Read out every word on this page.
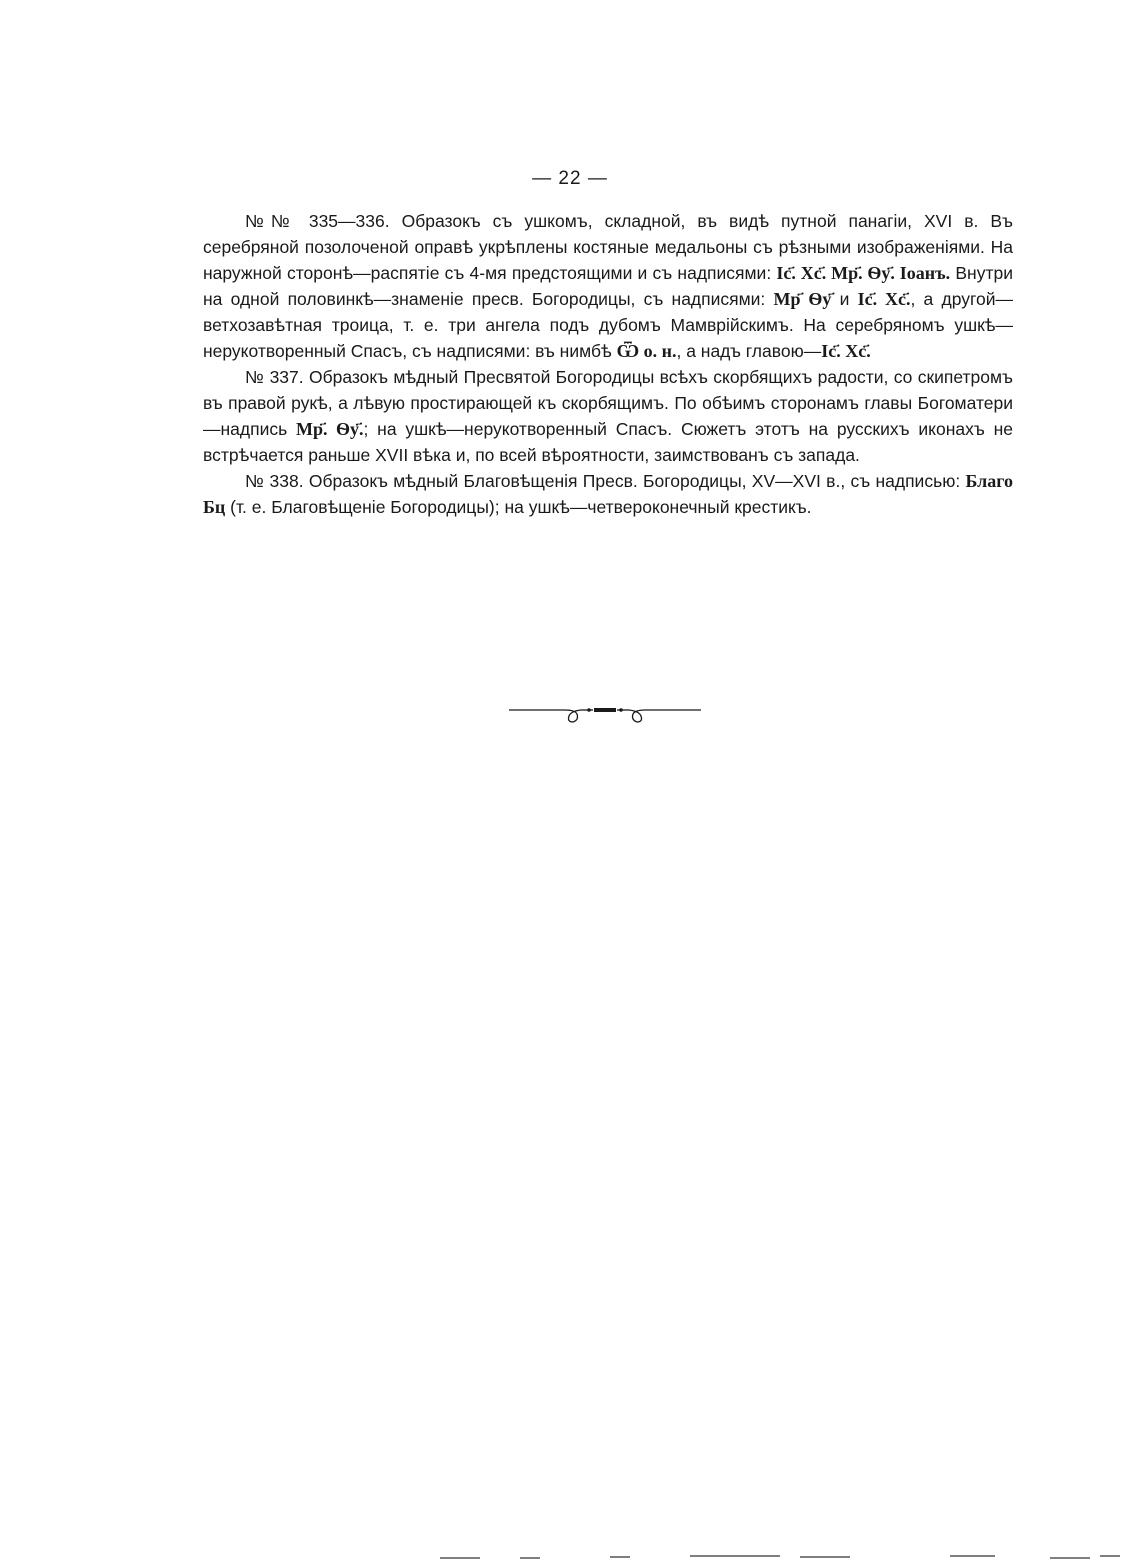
— 22 —

№№ 335—336. Образокъ съ ушкомъ, складной, въ видѣ путной панагіи, XVI в. Въ серебряной позолоченой оправѣ укрѣплены костяные медальоны съ рѣзными изображеніями. На наружной сторонѣ—распятіе съ 4-мя предстоящими и съ надписями: Іс҃. Хс҃. Мр҃. Ѳу҃. Іоанъ. Внутри на одной половинкѣ—знаменіе пресв. Богородицы, съ надписями: Мр҃ Ѳу҃ и Іс҃. Хс҃., а другой—ветхозавѣтная троица, т. е. три ангела подъ дубомъ Мамврійскимъ. На серебряномъ ушкѣ—нерукотворенный Спасъ, съ надписями: въ нимбѣ Ѿ о. н., а надъ главою—Іс҃. Хс҃.

№ 337. Образокъ мѣдный Пресвятой Богородицы всѣхъ скорбящихъ радости, со скипетромъ въ правой рукѣ, а лѣвую простирающей къ скорбящимъ. По обѣимъ сторонамъ главы Богоматери—надпись Мр҃. Ѳу҃.; на ушкѣ—нерукотворенный Спасъ. Сюжетъ этотъ на русскихъ иконахъ не встрѣчается раньше XVII вѣка и, по всей вѣроятности, заимствованъ съ запада.

№ 338. Образокъ мѣдный Благовѣщенія Пресв. Богородицы, XV—XVI в., съ надписью: Благо Бц (т. е. Благовѣщеніе Богородицы); на ушкѣ—четвероконечный крестикъ.
